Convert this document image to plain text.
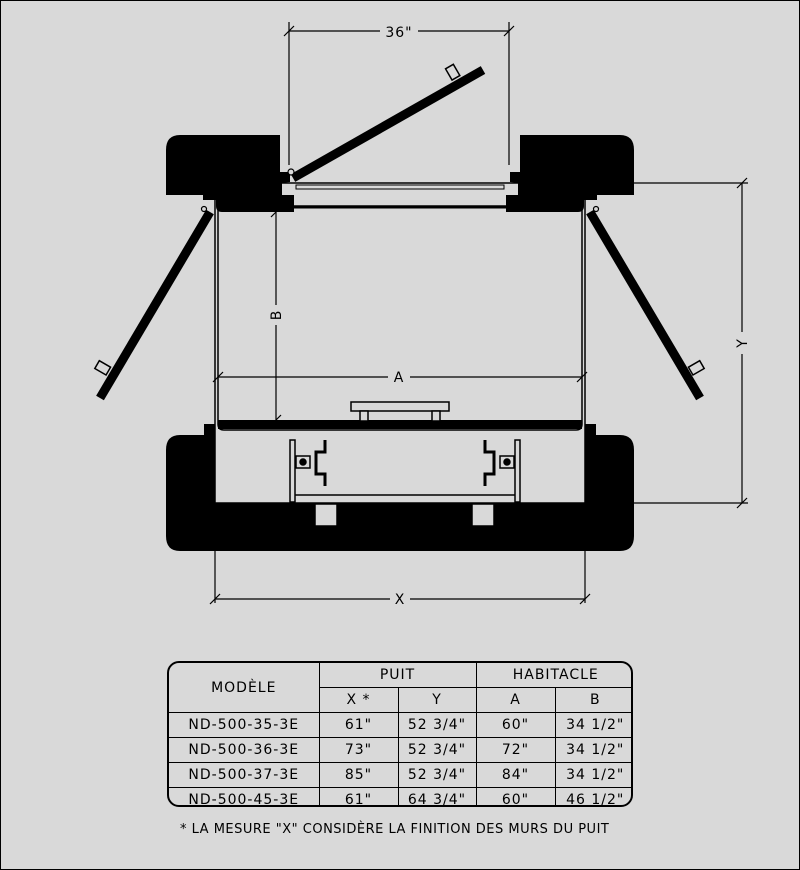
36"
A
B
X
Y
MODÈLE	PUIT		HABITACLE	
	X *	Y	A	B
ND-500-35-3E	61"	52 3/4"	60"	34 1/2"
ND-500-36-3E	73"	52 3/4"	72"	34 1/2"
ND-500-37-3E	85"	52 3/4"	84"	34 1/2"
ND-500-45-3E	61"	64 3/4"	60"	46 1/2"
* LA MESURE "X" CONSIDÈRE LA FINITION DES MURS DU PUIT
